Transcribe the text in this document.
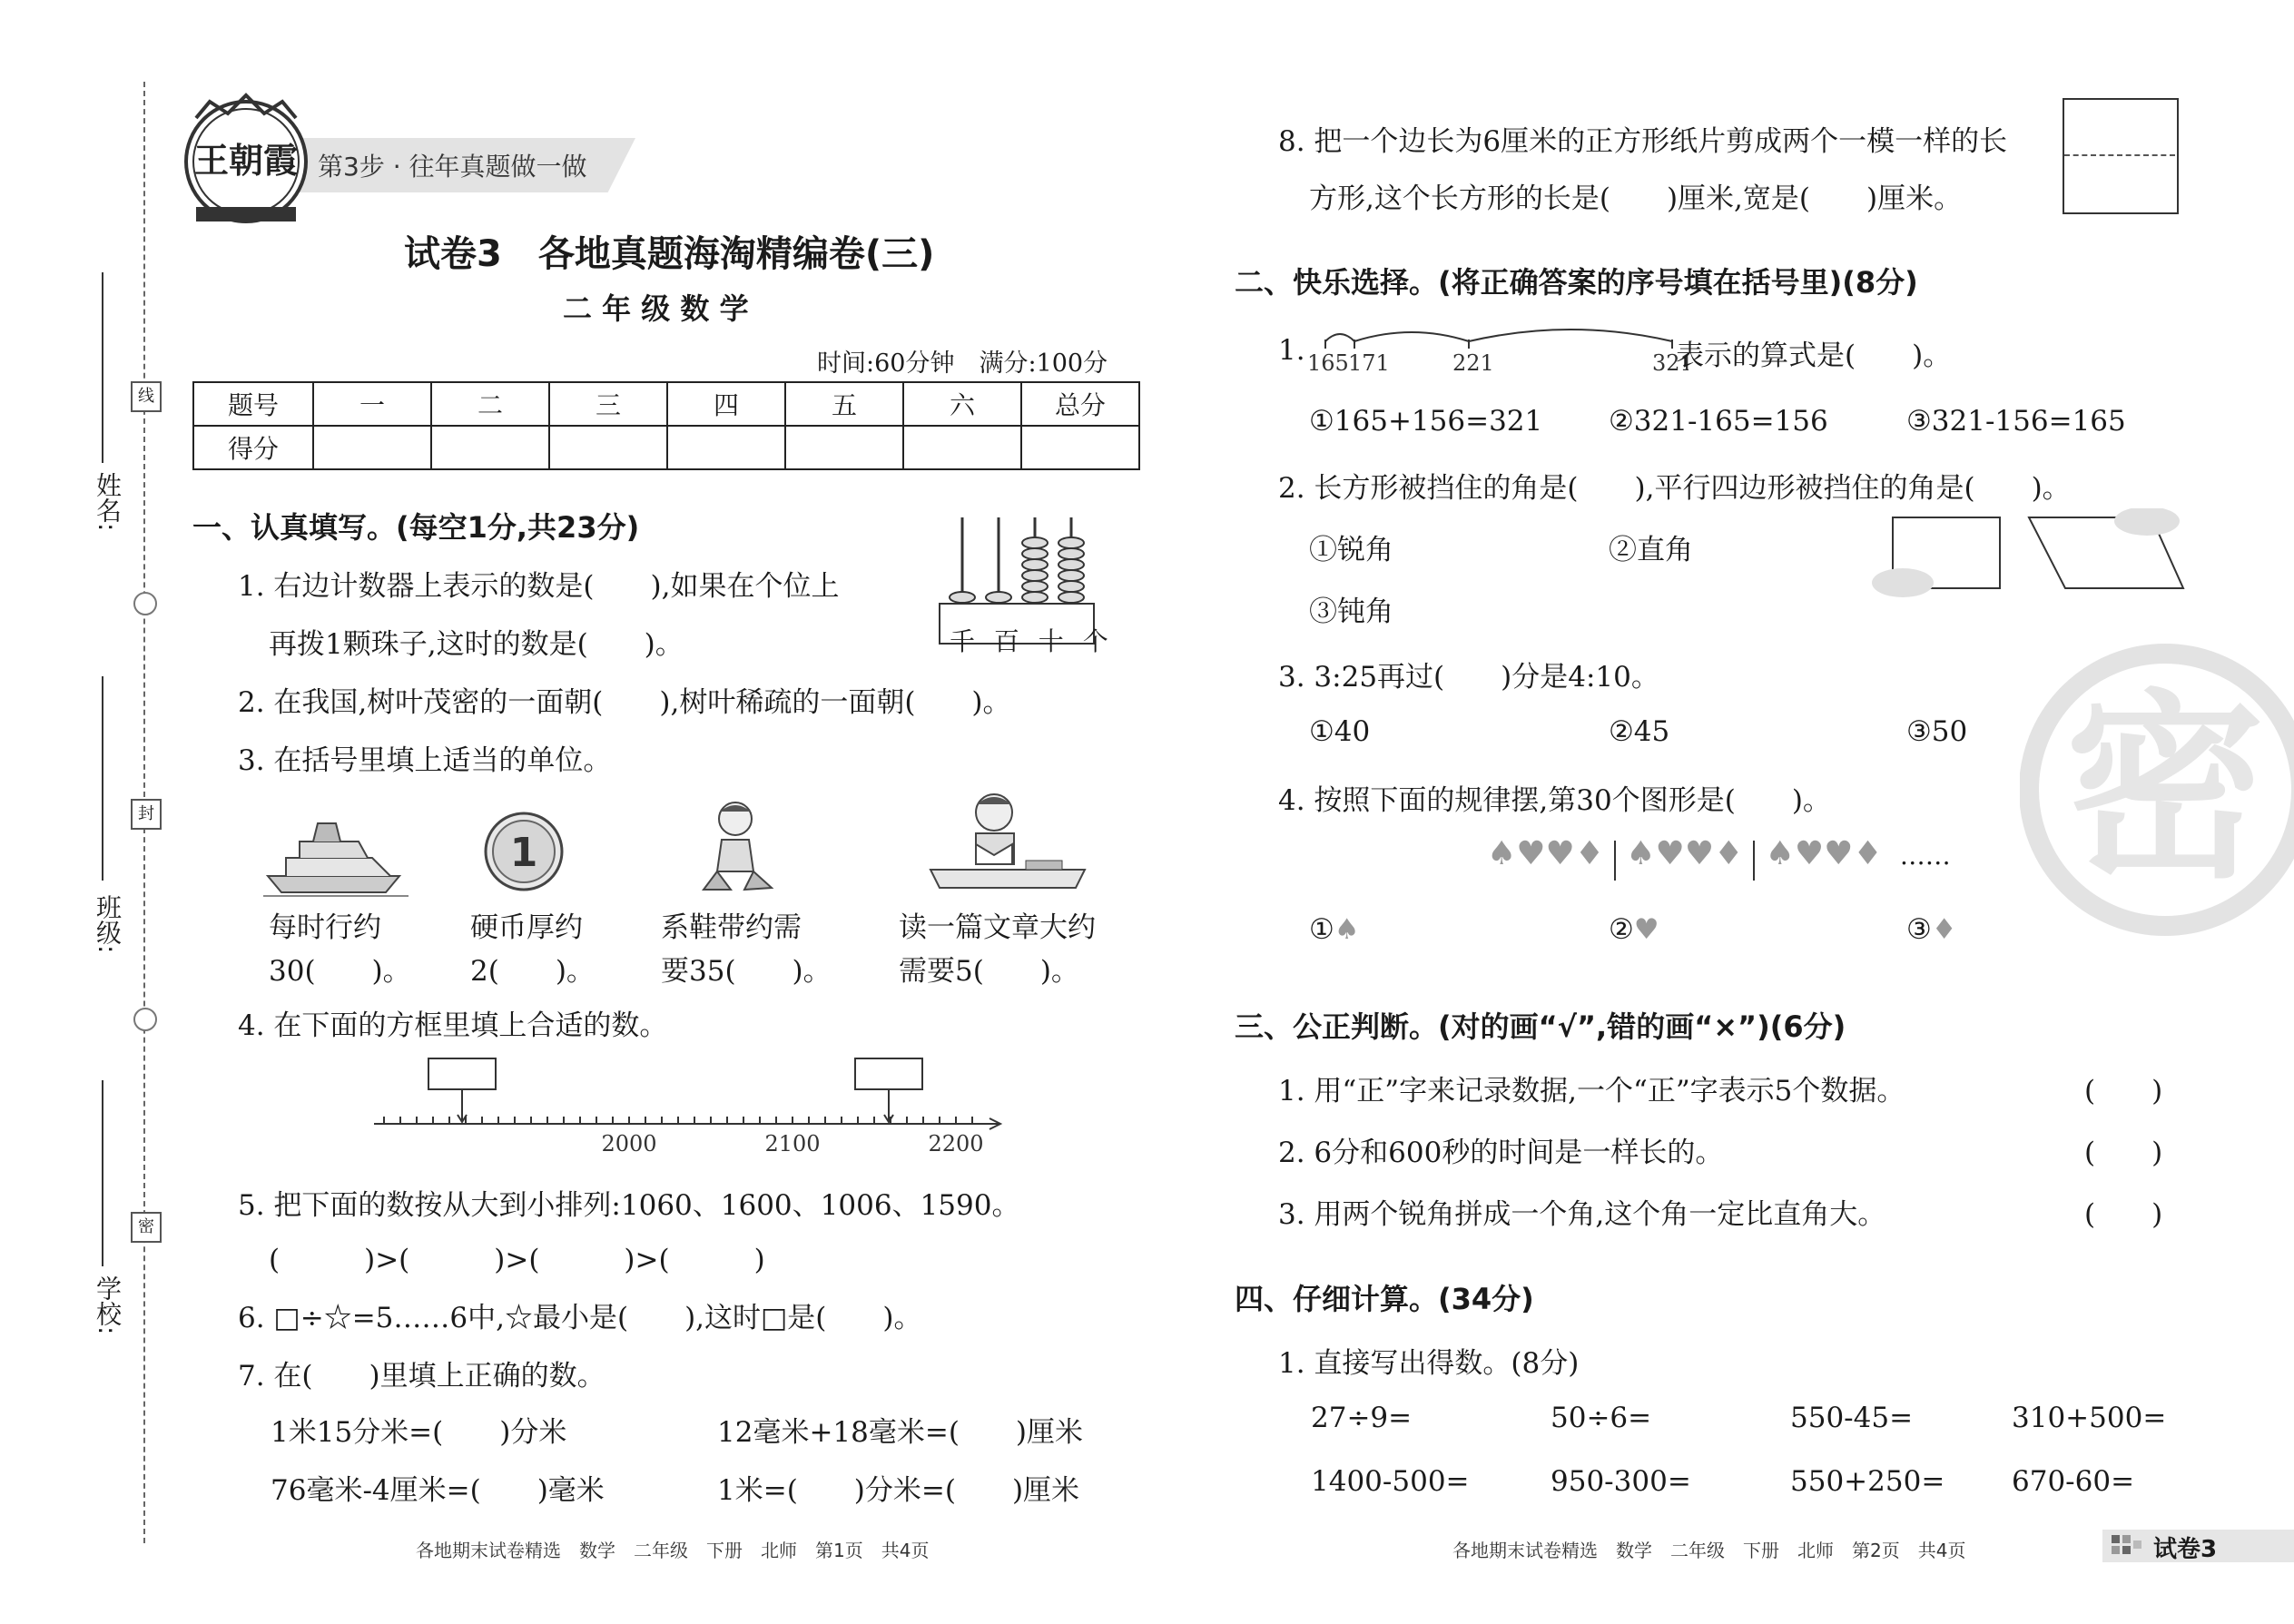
线
封
密
姓名:
班级:
学校:
第3步 · 往年真题做一做
王朝霞
试卷3　各地真题海淘精编卷(三)
二 年 级 数 学
时间:60分钟　满分:100分
题号	一	二	三	四	五	六	总分
得分							
一、认真填写。(每空1分,共23分)
1. 右边计数器上表示的数是(　　),如果在个位上
再拨1颗珠子,这时的数是(　　)。	千 百 十 个
2. 在我国,树叶茂密的一面朝(　　),树叶稀疏的一面朝(　　)。
3. 在括号里填上适当的单位。
1
每时行约
30(　　)。
硬币厚约
2(　　)。
系鞋带约需
要35(　　)。
读一篇文章大约
需要5(　　)。
4. 在下面的方框里填上合适的数。
2000	2100	2200
5. 把下面的数按从大到小排列:1060、1600、1006、1590。
(　　　)>(　　　)>(　　　)>(　　　)
6. □÷☆=5……6中,☆最小是(　　),这时□是(　　)。
7. 在(　　)里填上正确的数。
1米15分米=(　　)分米	12毫米+18毫米=(　　)厘米
76毫米-4厘米=(　　)毫米	1米=(　　)分米=(　　)厘米
各地期末试卷精选　数学　二年级　下册　北师　第1页　共4页
密
8. 把一个边长为6厘米的正方形纸片剪成两个一模一样的长
方形,这个长方形的长是(　　)厘米,宽是(　　)厘米。
二、快乐选择。(将正确答案的序号填在括号里)(8分)
1. 165 171	221	321
表示的算式是(　　)。
①165+156=321 ②321-165=156	③321-156=165
2. 长方形被挡住的角是(　　),平行四边形被挡住的角是(　　)。
①锐角	②直角
③钝角
3. 3:25再过(　　)分是4:10。
①40	②45	③50
4. 按照下面的规律摆,第30个图形是(　　)。
♠♥♥♦ ♠♥♥♦ ♠♥♥♦ ……
①♠	②♥	③♦
三、公正判断。(对的画“√”,错的画“×”)(6分)
1. 用“正”字来记录数据,一个“正”字表示5个数据。
2. 6分和600秒的时间是一样长的。
3. 用两个锐角拼成一个角,这个角一定比直角大。
(　　)
(　　)
(　　)
四、仔细计算。(34分)
1. 直接写出得数。(8分)
27÷9=	50÷6=	550-45=	310+500=
1400-500=	950-300=	550+250= 670-60=
各地期末试卷精选　数学　二年级　下册　北师　第2页　共4页	试卷3
